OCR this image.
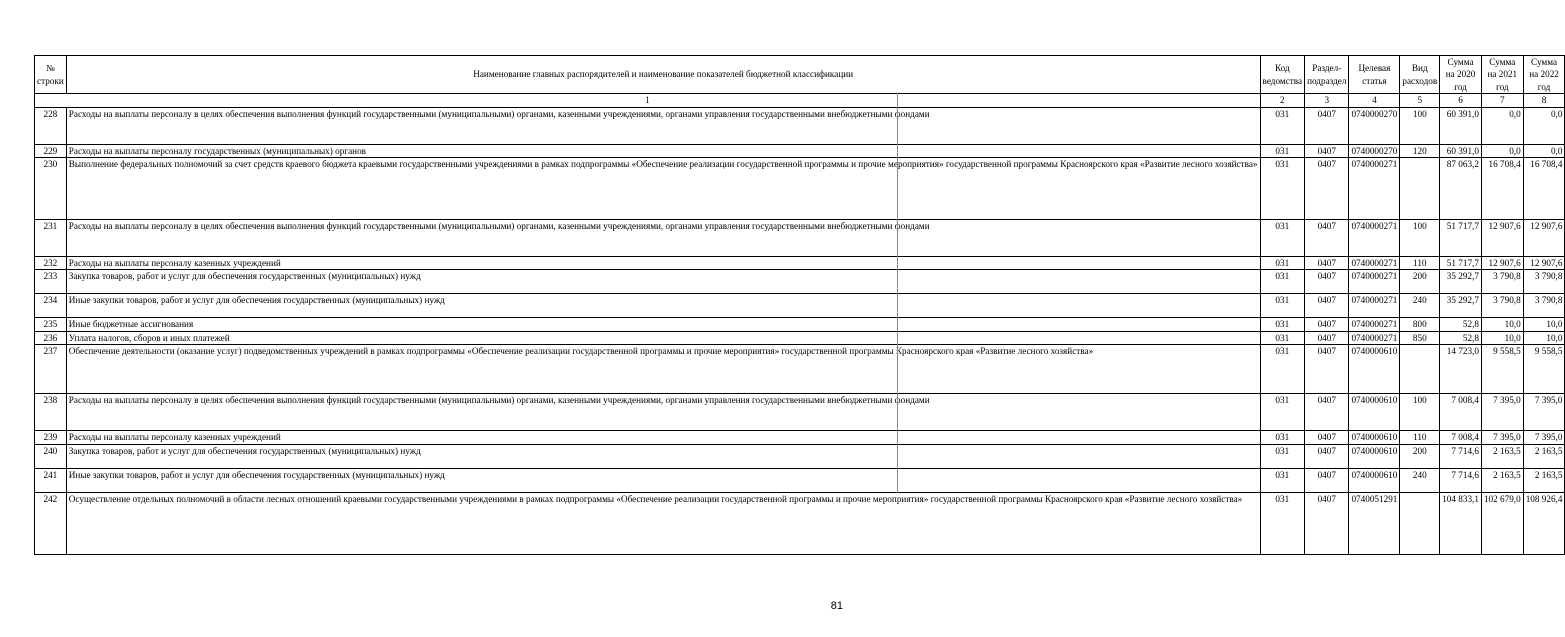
№ строки	Наименование главных распорядителей и наименование показателей бюджетной классификации	Код ведомства	Раздел-подраздел	Целевая статья	Вид расходов	Сумма на 2020 год	Сумма на 2021 год	Сумма на 2022 год
1		2	3	4	5	6	7	8
228	Расходы на выплаты персоналу в целях обеспечения выполнения функций государственными (муниципальными) органами, казенными учреждениями, органами управления государственными внебюджетными фондами	031	0407	0740000270	100	60 391,0	0,0	0,0
229	Расходы на выплаты персоналу государственных (муниципальных) органов	031	0407	0740000270	120	60 391,0	0,0	0,0
230	Выполнение федеральных полномочий за счет средств краевого бюджета краевыми государственными учреждениями в рамках подпрограммы «Обеспечение реализации государственной программы и прочие мероприятия» государственной программы Красноярского края «Развитие лесного хозяйства»	031	0407	0740000271		87 063,2	16 708,4	16 708,4
231	Расходы на выплаты персоналу в целях обеспечения выполнения функций государственными (муниципальными) органами, казенными учреждениями, органами управления государственными внебюджетными фондами	031	0407	0740000271	100	51 717,7	12 907,6	12 907,6
232	Расходы на выплаты персоналу казенных учреждений	031	0407	0740000271	110	51 717,7	12 907,6	12 907,6
233	Закупка товаров, работ и услуг для обеспечения государственных (муниципальных) нужд	031	0407	0740000271	200	35 292,7	3 790,8	3 790,8
234	Иные закупки товаров, работ и услуг для обеспечения государственных (муниципальных) нужд	031	0407	0740000271	240	35 292,7	3 790,8	3 790,8
235	Иные бюджетные ассигнования	031	0407	0740000271	800	52,8	10,0	10,0
236	Уплата налогов, сборов и иных платежей	031	0407	0740000271	850	52,8	10,0	10,0
237	Обеспечение деятельности (оказание услуг) подведомственных учреждений в рамках подпрограммы «Обеспечение реализации государственной программы и прочие мероприятия» государственной программы Красноярского края «Развитие лесного хозяйства»	031	0407	0740000610		14 723,0	9 558,5	9 558,5
238	Расходы на выплаты персоналу в целях обеспечения выполнения функций государственными (муниципальными) органами, казенными учреждениями, органами управления государственными внебюджетными фондами	031	0407	0740000610	100	7 008,4	7 395,0	7 395,0
239	Расходы на выплаты персоналу казенных учреждений	031	0407	0740000610	110	7 008,4	7 395,0	7 395,0
240	Закупка товаров, работ и услуг для обеспечения государственных (муниципальных) нужд	031	0407	0740000610	200	7 714,6	2 163,5	2 163,5
241	Иные закупки товаров, работ и услуг для обеспечения государственных (муниципальных) нужд	031	0407	0740000610	240	7 714,6	2 163,5	2 163,5
242	Осуществление отдельных полномочий в области лесных отношений краевыми государственными учреждениями в рамках подпрограммы «Обеспечение реализации государственной программы и прочие мероприятия» государственной программы Красноярского края «Развитие лесного хозяйства»	031	0407	0740051291		104 833,1	102 679,0	108 926,4
81
